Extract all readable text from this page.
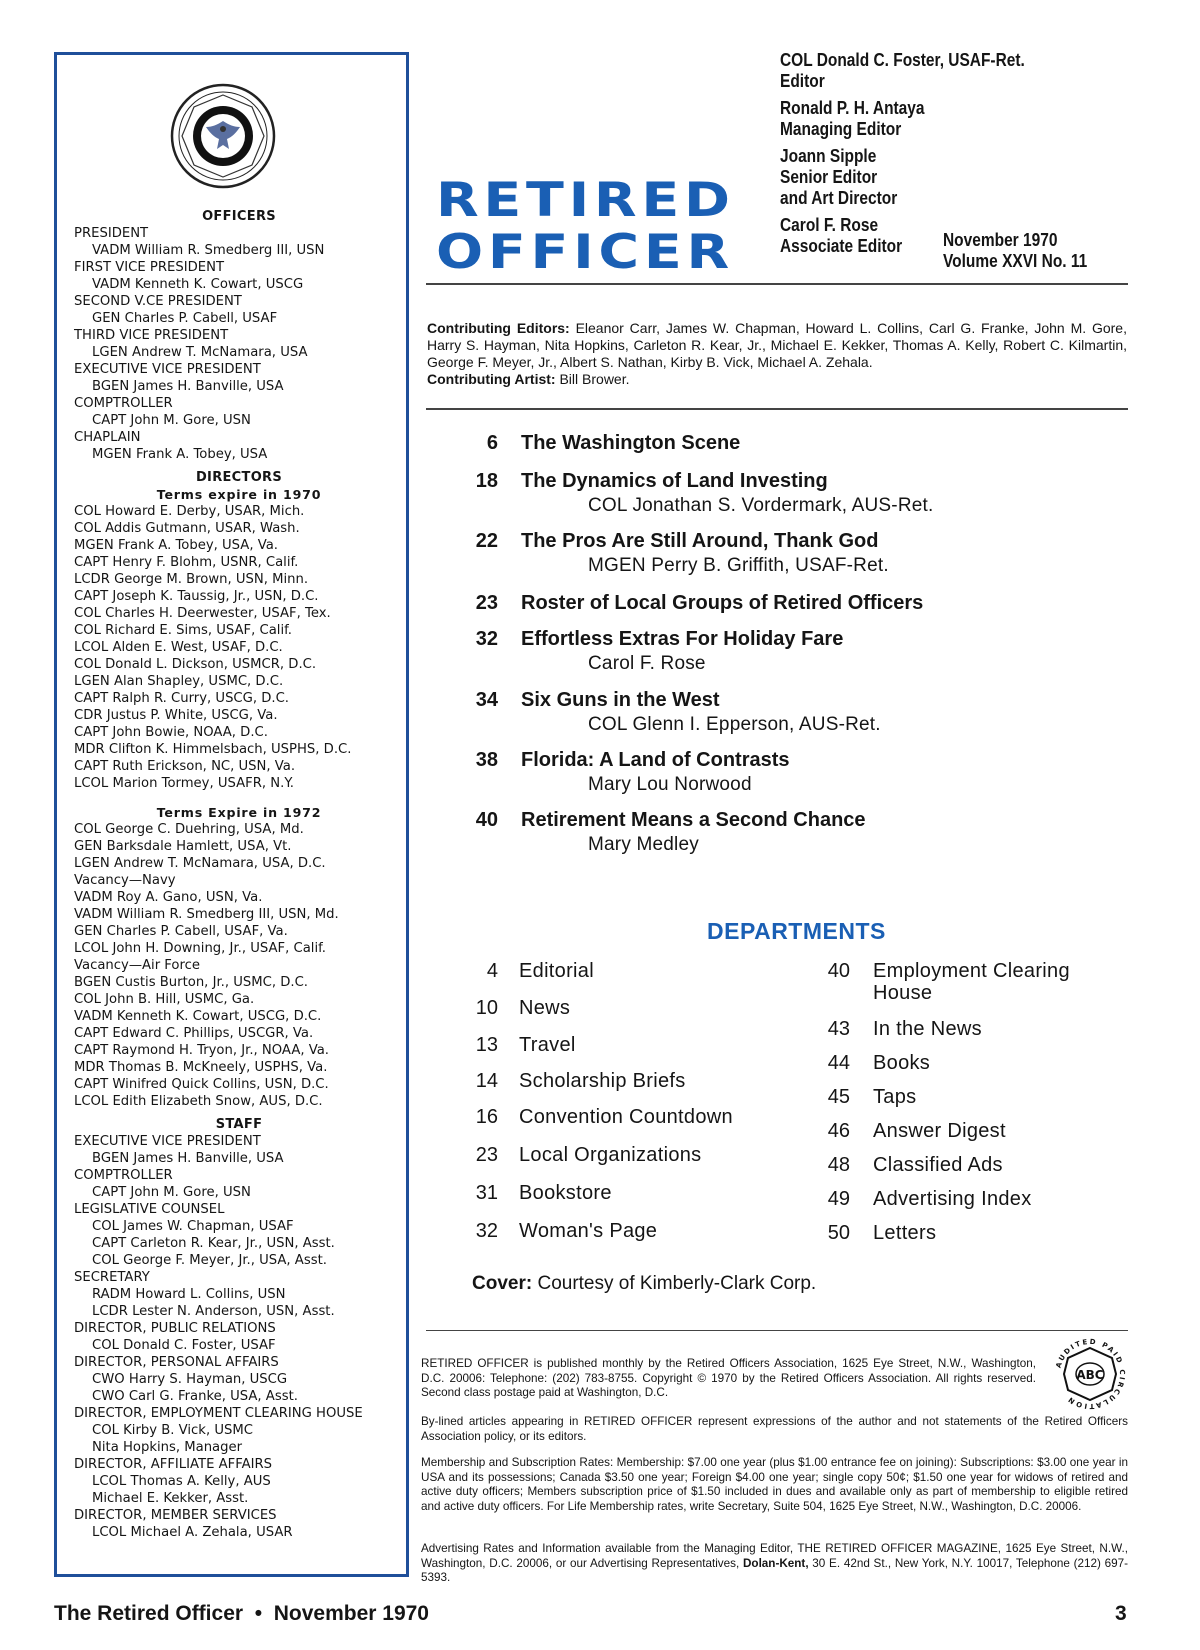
OFFICERS
PRESIDENT
VADM William R. Smedberg III, USN
FIRST VICE PRESIDENT
VADM Kenneth K. Cowart, USCG
SECOND V.CE PRESIDENT
GEN Charles P. Cabell, USAF
THIRD VICE PRESIDENT
LGEN Andrew T. McNamara, USA
EXECUTIVE VICE PRESIDENT
BGEN James H. Banville, USA
COMPTROLLER
CAPT John M. Gore, USN
CHAPLAIN
MGEN Frank A. Tobey, USA
DIRECTORS
Terms expire in 1970
COL Howard E. Derby, USAR, Mich.
COL Addis Gutmann, USAR, Wash.
MGEN Frank A. Tobey, USA, Va.
CAPT Henry F. Blohm, USNR, Calif.
LCDR George M. Brown, USN, Minn.
CAPT Joseph K. Taussig, Jr., USN, D.C.
COL Charles H. Deerwester, USAF, Tex.
COL Richard E. Sims, USAF, Calif.
LCOL Alden E. West, USAF, D.C.
COL Donald L. Dickson, USMCR, D.C.
LGEN Alan Shapley, USMC, D.C.
CAPT Ralph R. Curry, USCG, D.C.
CDR Justus P. White, USCG, Va.
CAPT John Bowie, NOAA, D.C.
MDR Clifton K. Himmelsbach, USPHS, D.C.
CAPT Ruth Erickson, NC, USN, Va.
LCOL Marion Tormey, USAFR, N.Y.
Terms Expire in 1972
COL George C. Duehring, USA, Md.
GEN Barksdale Hamlett, USA, Vt.
LGEN Andrew T. McNamara, USA, D.C.
Vacancy—Navy
VADM Roy A. Gano, USN, Va.
VADM William R. Smedberg III, USN, Md.
GEN Charles P. Cabell, USAF, Va.
LCOL John H. Downing, Jr., USAF, Calif.
Vacancy—Air Force
BGEN Custis Burton, Jr., USMC, D.C.
COL John B. Hill, USMC, Ga.
VADM Kenneth K. Cowart, USCG, D.C.
CAPT Edward C. Phillips, USCGR, Va.
CAPT Raymond H. Tryon, Jr., NOAA, Va.
MDR Thomas B. McKneely, USPHS, Va.
CAPT Winifred Quick Collins, USN, D.C.
LCOL Edith Elizabeth Snow, AUS, D.C.
STAFF
EXECUTIVE VICE PRESIDENT
BGEN James H. Banville, USA
COMPTROLLER
CAPT John M. Gore, USN
LEGISLATIVE COUNSEL
COL James W. Chapman, USAF
CAPT Carleton R. Kear, Jr., USN, Asst.
COL George F. Meyer, Jr., USA, Asst.
SECRETARY
RADM Howard L. Collins, USN
LCDR Lester N. Anderson, USN, Asst.
DIRECTOR, PUBLIC RELATIONS
COL Donald C. Foster, USAF
DIRECTOR, PERSONAL AFFAIRS
CWO Harry S. Hayman, USCG
CWO Carl G. Franke, USA, Asst.
DIRECTOR, EMPLOYMENT CLEARING HOUSE
COL Kirby B. Vick, USMC
Nita Hopkins, Manager
DIRECTOR, AFFILIATE AFFAIRS
LCOL Thomas A. Kelly, AUS
Michael E. Kekker, Asst.
DIRECTOR, MEMBER SERVICES
LCOL Michael A. Zehala, USAR
RETIRED
OFFICER
COL Donald C. Foster, USAF-Ret.
Editor
Ronald P. H. Antaya
Managing Editor
Joann Sipple
Senior Editor
and Art Director
Carol F. Rose
Associate Editor	November 1970
Volume XXVI No. 11
Contributing Editors: Eleanor Carr, James W. Chapman, Howard L. Collins, Carl G. Franke, John M. Gore, Harry S. Hayman, Nita Hopkins, Carleton R. Kear, Jr., Michael E. Kekker, Thomas A. Kelly, Robert C. Kilmartin, George F. Meyer, Jr., Albert S. Nathan, Kirby B. Vick, Michael A. Zehala.
Contributing Artist: Bill Brower.
6 The Washington Scene
18 The Dynamics of Land Investing
COL Jonathan S. Vordermark, AUS-Ret.
22 The Pros Are Still Around, Thank God
MGEN Perry B. Griffith, USAF-Ret.
23 Roster of Local Groups of Retired Officers
32 Effortless Extras For Holiday Fare
Carol F. Rose
34 Six Guns in the West
COL Glenn I. Epperson, AUS-Ret.
38 Florida: A Land of Contrasts
Mary Lou Norwood
40 Retirement Means a Second Chance
Mary Medley
DEPARTMENTS
4 Editorial
10 News
13 Travel
14 Scholarship Briefs
16 Convention Countdown
23 Local Organizations
31 Bookstore
32 Woman's Page
40 Employment Clearing
House
43 In the News
44 Books
45 Taps
46 Answer Digest
48 Classified Ads
49 Advertising Index
50 Letters
Cover: Courtesy of Kimberly-Clark Corp.
RETIRED OFFICER is published monthly by the Retired Officers Association, 1625 Eye Street, N.W., Washington, D.C. 20006: Telephone: (202) 783-8755. Copyright © 1970 by the Retired Officers Association. All rights reserved. Second class postage paid at Washington, D.C.
ABC
AUDITED PAID CIRCULATION
By-lined articles appearing in RETIRED OFFICER represent expressions of the author and not statements of the Retired Officers Association policy, or its editors.
Membership and Subscription Rates: Membership: $7.00 one year (plus $1.00 entrance fee on joining): Subscriptions: $3.00 one year in USA and its possessions; Canada $3.50 one year; Foreign $4.00 one year; single copy 50¢; $1.50 one year for widows of retired and active duty officers; Members subscription price of $1.50 included in dues and available only as part of membership to eligible retired and active duty officers. For Life Membership rates, write Secretary, Suite 504, 1625 Eye Street, N.W., Washington, D.C. 20006.
Advertising Rates and Information available from the Managing Editor, THE RETIRED OFFICER MAGAZINE, 1625 Eye Street, N.W., Washington, D.C. 20006, or our Advertising Representatives, Dolan-Kent, 30 E. 42nd St., New York, N.Y. 10017, Telephone (212) 697-5393.
The Retired Officer  •  November 1970	3
